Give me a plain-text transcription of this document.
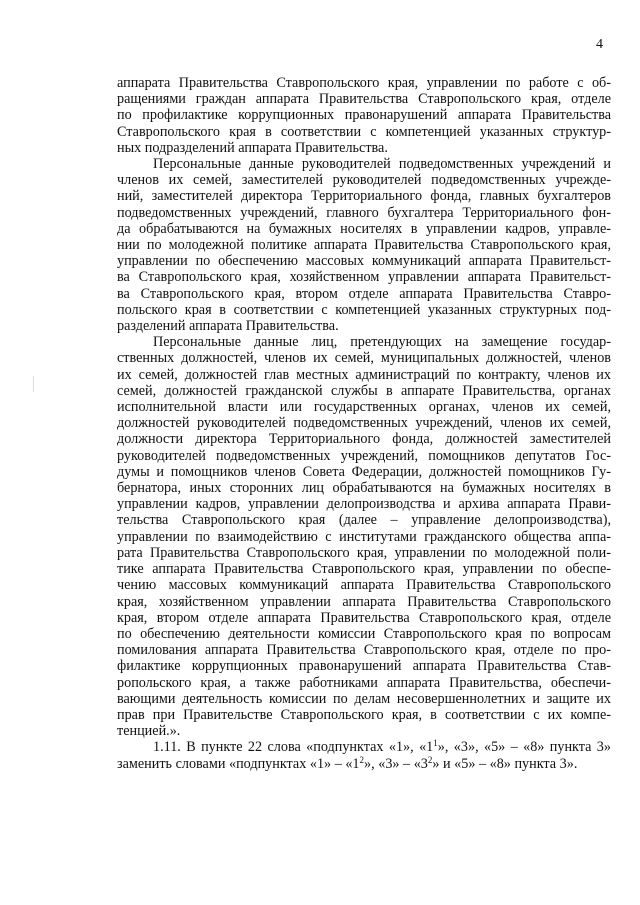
4
аппарата Правительства Ставропольского края, управлении по работе с об-
ращениями граждан аппарата Правительства Ставропольского края, отделе
по профилактике коррупционных правонарушений аппарата Правительства
Ставропольского края в соответствии с компетенцией указанных структур-
ных подразделений аппарата Правительства.
Персональные данные руководителей подведомственных учреждений и
членов их семей, заместителей руководителей подведомственных учрежде-
ний, заместителей директора Территориального фонда, главных бухгалтеров
подведомственных учреждений, главного бухгалтера Территориального фон-
да обрабатываются на бумажных носителях в управлении кадров, управле-
нии по молодежной политике аппарата Правительства Ставропольского края,
управлении по обеспечению массовых коммуникаций аппарата Правительст-
ва Ставропольского края, хозяйственном управлении аппарата Правительст-
ва Ставропольского края, втором отделе аппарата Правительства Ставро-
польского края в соответствии с компетенцией указанных структурных под-
разделений аппарата Правительства.
Персональные данные лиц, претендующих на замещение государ-
ственных должностей, членов их семей, муниципальных должностей, членов
их семей, должностей глав местных администраций по контракту, членов их
семей, должностей гражданской службы в аппарате Правительства, органах
исполнительной власти или государственных органах, членов их семей,
должностей руководителей подведомственных учреждений, членов их семей,
должности директора Территориального фонда, должностей заместителей
руководителей подведомственных учреждений, помощников депутатов Гос-
думы и помощников членов Совета Федерации, должностей помощников Гу-
бернатора, иных сторонних лиц обрабатываются на бумажных носителях в
управлении кадров, управлении делопроизводства и архива аппарата Прави-
тельства Ставропольского края (далее – управление делопроизводства),
управлении по взаимодействию с институтами гражданского общества аппа-
рата Правительства Ставропольского края, управлении по молодежной поли-
тике аппарата Правительства Ставропольского края, управлении по обеспе-
чению массовых коммуникаций аппарата Правительства Ставропольского
края, хозяйственном управлении аппарата Правительства Ставропольского
края, втором отделе аппарата Правительства Ставропольского края, отделе
по обеспечению деятельности комиссии Ставропольского края по вопросам
помилования аппарата Правительства Ставропольского края, отделе по про-
филактике коррупционных правонарушений аппарата Правительства Став-
ропольского края, а также работниками аппарата Правительства, обеспечи-
вающими деятельность комиссии по делам несовершеннолетних и защите их
прав при Правительстве Ставропольского края, в соответствии с их компе-
тенцией.».
1.11. В пункте 22 слова «подпунктах «1», «$1^1$», «3», «5» – «8» пункта 3»
заменить словами «подпунктах «1» – «$1^2$», «3» – «$3^2$» и «5» – «8» пункта 3».
